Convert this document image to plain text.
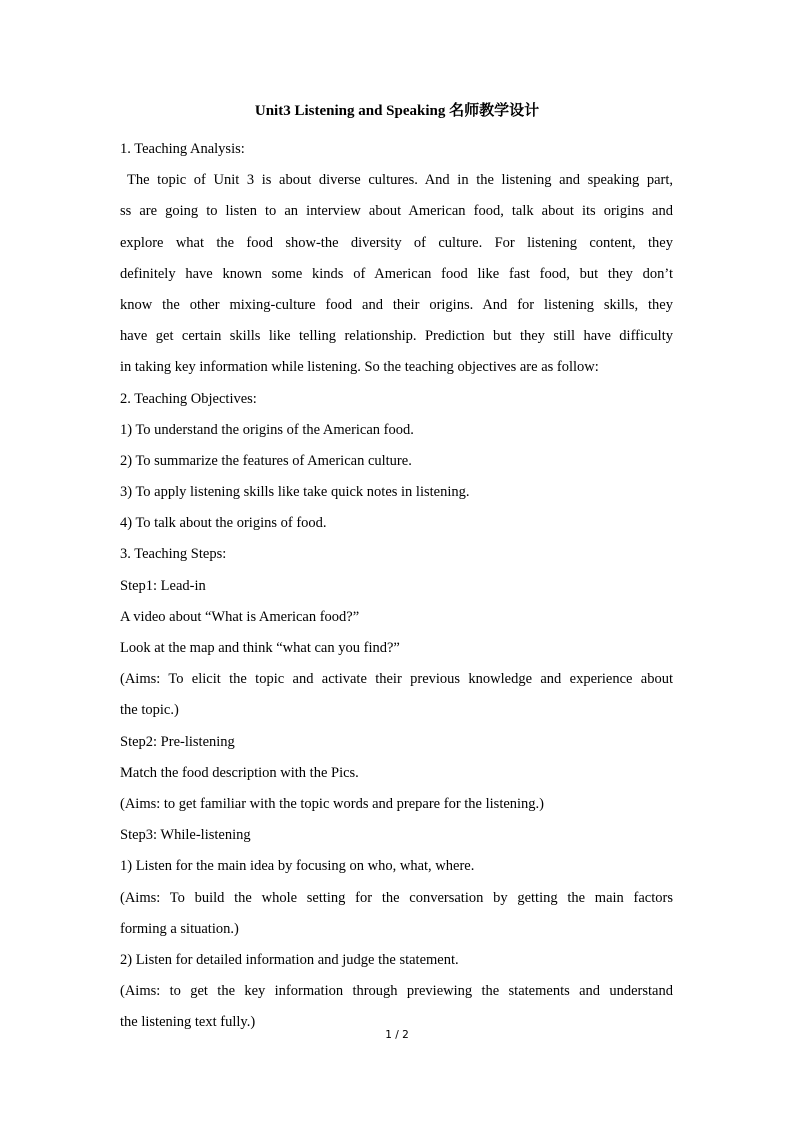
Unit3 Listening and Speaking 名师教学设计
1. Teaching Analysis:
The topic of Unit 3 is about diverse cultures. And in the listening and speaking part,
ss are going to listen to an interview about American food, talk about its origins and
explore what the food show-the diversity of culture. For listening content, they
definitely have known some kinds of American food like fast food, but they don’t
know the other mixing-culture food and their origins. And for listening skills, they
have get certain skills like telling relationship. Prediction but they still have difficulty
in taking key information while listening. So the teaching objectives are as follow:
2. Teaching Objectives:
1) To understand the origins of the American food.
2) To summarize the features of American culture.
3) To apply listening skills like take quick notes in listening.
4) To talk about the origins of food.
3. Teaching Steps:
Step1: Lead-in
A video about “What is American food?”
Look at the map and think “what can you find?”
(Aims: To elicit the topic and activate their previous knowledge and experience about
the topic.)
Step2: Pre-listening
Match the food description with the Pics.
(Aims: to get familiar with the topic words and prepare for the listening.)
Step3: While-listening
1) Listen for the main idea by focusing on who, what, where.
(Aims: To build the whole setting for the conversation by getting the main factors
forming a situation.)
2) Listen for detailed information and judge the statement.
(Aims: to get the key information through previewing the statements and understand
the listening text fully.)
1 / 2
